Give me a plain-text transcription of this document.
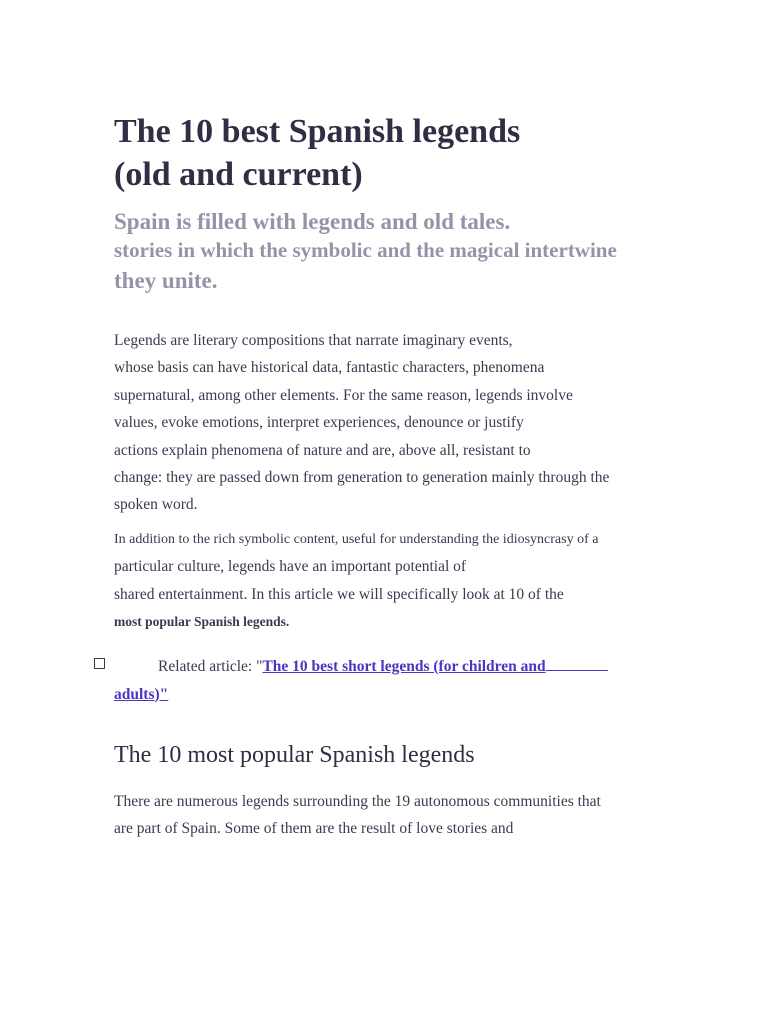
The 10 best Spanish legends
(old and current)
Spain is filled with legends and old tales.
stories in which the symbolic and the magical intertwine
they unite.
Legends are literary compositions that narrate imaginary events,
whose basis can have historical data, fantastic characters, phenomena
supernatural, among other elements. For the same reason, legends involve
values, evoke emotions, interpret experiences, denounce or justify
actions explain phenomena of nature and are, above all, resistant to
change: they are passed down from generation to generation mainly through the
spoken word.
In addition to the rich symbolic content, useful for understanding the idiosyncrasy of a
particular culture, legends have an important potential of
shared entertainment. In this article we will specifically look at 10 of the
most popular Spanish legends.
Related article: "The 10 best short legends (for children and
adults)"
The 10 most popular Spanish legends
There are numerous legends surrounding the 19 autonomous communities that
are part of Spain. Some of them are the result of love stories and
